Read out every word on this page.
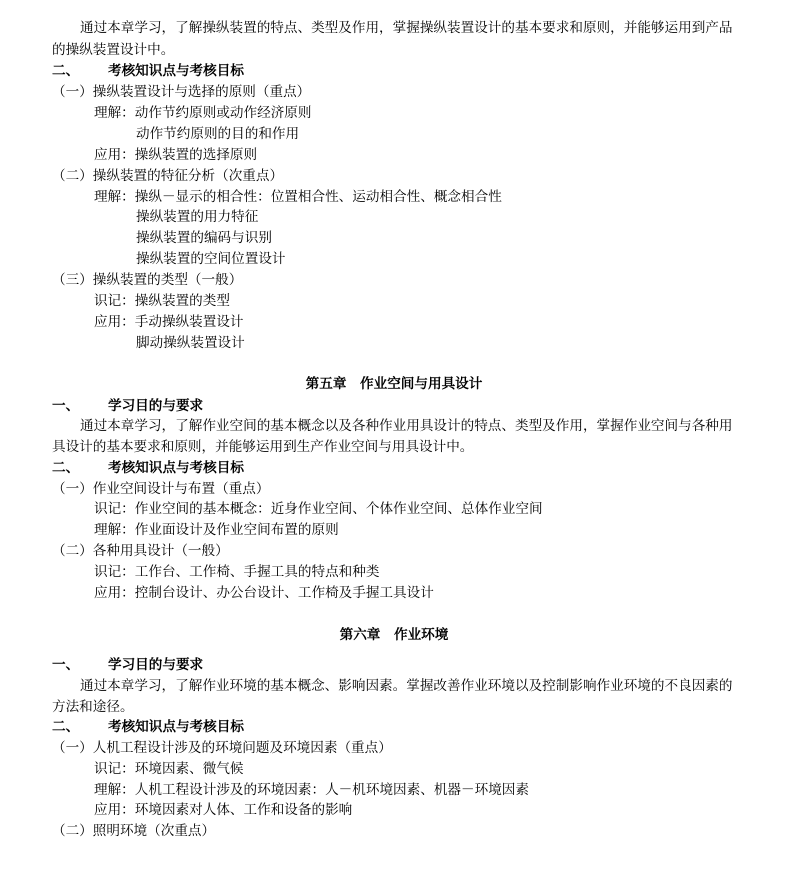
通过本章学习，了解操纵装置的特点、类型及作用，掌握操纵装置设计的基本要求和原则，并能够运用到产品
的操纵装置设计中。
二、 考核知识点与考核目标
（一）操纵装置设计与选择的原则（重点）
理解：动作节约原则或动作经济原则
动作节约原则的目的和作用
应用：操纵装置的选择原则
（二）操纵装置的特征分析（次重点）
理解：操纵－显示的相合性：位置相合性、运动相合性、概念相合性
操纵装置的用力特征
操纵装置的编码与识别
操纵装置的空间位置设计
（三）操纵装置的类型（一般）
识记：操纵装置的类型
应用：手动操纵装置设计
脚动操纵装置设计
第五章　作业空间与用具设计
一、 学习目的与要求
通过本章学习，了解作业空间的基本概念以及各种作业用具设计的特点、类型及作用，掌握作业空间与各种用
具设计的基本要求和原则，并能够运用到生产作业空间与用具设计中。
二、 考核知识点与考核目标
（一）作业空间设计与布置（重点）
识记：作业空间的基本概念：近身作业空间、个体作业空间、总体作业空间
理解：作业面设计及作业空间布置的原则
（二）各种用具设计（一般）
识记：工作台、工作椅、手握工具的特点和种类
应用：控制台设计、办公台设计、工作椅及手握工具设计
第六章　作业环境
一、 学习目的与要求
通过本章学习，了解作业环境的基本概念、影响因素。掌握改善作业环境以及控制影响作业环境的不良因素的
方法和途径。
二、 考核知识点与考核目标
（一）人机工程设计涉及的环境问题及环境因素（重点）
识记：环境因素、微气候
理解：人机工程设计涉及的环境因素：人－机环境因素、机器－环境因素
应用：环境因素对人体、工作和设备的影响
（二）照明环境（次重点）
